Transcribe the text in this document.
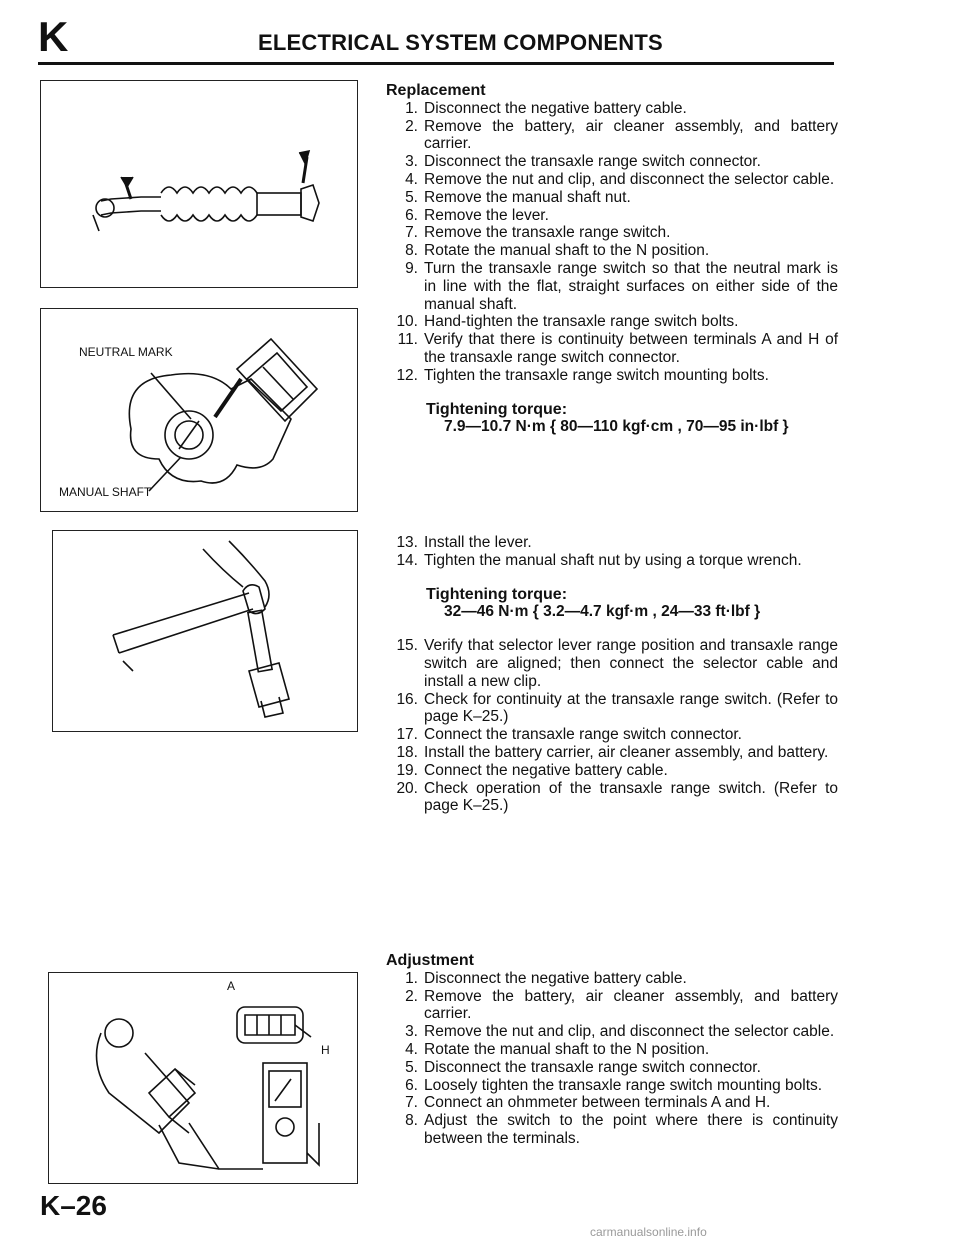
K	ELECTRICAL SYSTEM COMPONENTS
NEUTRAL MARK
MANUAL SHAFT
A
H
Replacement
1. Disconnect the negative battery cable.
2. Remove the battery, air cleaner assembly, and battery carrier.
3. Disconnect the transaxle range switch connector.
4. Remove the nut and clip, and disconnect the selector cable.
5. Remove the manual shaft nut.
6. Remove the lever.
7. Remove the transaxle range switch.
8. Rotate the manual shaft to the N position.
9. Turn the transaxle range switch so that the neutral mark is in line with the flat, straight surfaces on either side of the manual shaft.
10. Hand-tighten the transaxle range switch bolts.
11. Verify that there is continuity between terminals A and H of the transaxle range switch connector.
12. Tighten the transaxle range switch mounting bolts.
Tightening torque:
7.9—10.7 N·m { 80—110 kgf·cm , 70—95 in·lbf }
13. Install the lever.
14. Tighten the manual shaft nut by using a torque wrench.
Tightening torque:
32—46 N·m { 3.2—4.7 kgf·m , 24—33 ft·lbf }
15. Verify that selector lever range position and transaxle range switch are aligned; then connect the selector cable and install a new clip.
16. Check for continuity at the transaxle range switch. (Refer to page K–25.)
17. Connect the transaxle range switch connector.
18. Install the battery carrier, air cleaner assembly, and battery.
19. Connect the negative battery cable.
20. Check operation of the transaxle range switch. (Refer to page K–25.)
Adjustment
1. Disconnect the negative battery cable.
2. Remove the battery, air cleaner assembly, and battery carrier.
3. Remove the nut and clip, and disconnect the selector cable.
4. Rotate the manual shaft to the N position.
5. Disconnect the transaxle range switch connector.
6. Loosely tighten the transaxle range switch mounting bolts.
7. Connect an ohmmeter between terminals A and H.
8. Adjust the switch to the point where there is continuity between the terminals.
K–26
carmanualsonline.info
